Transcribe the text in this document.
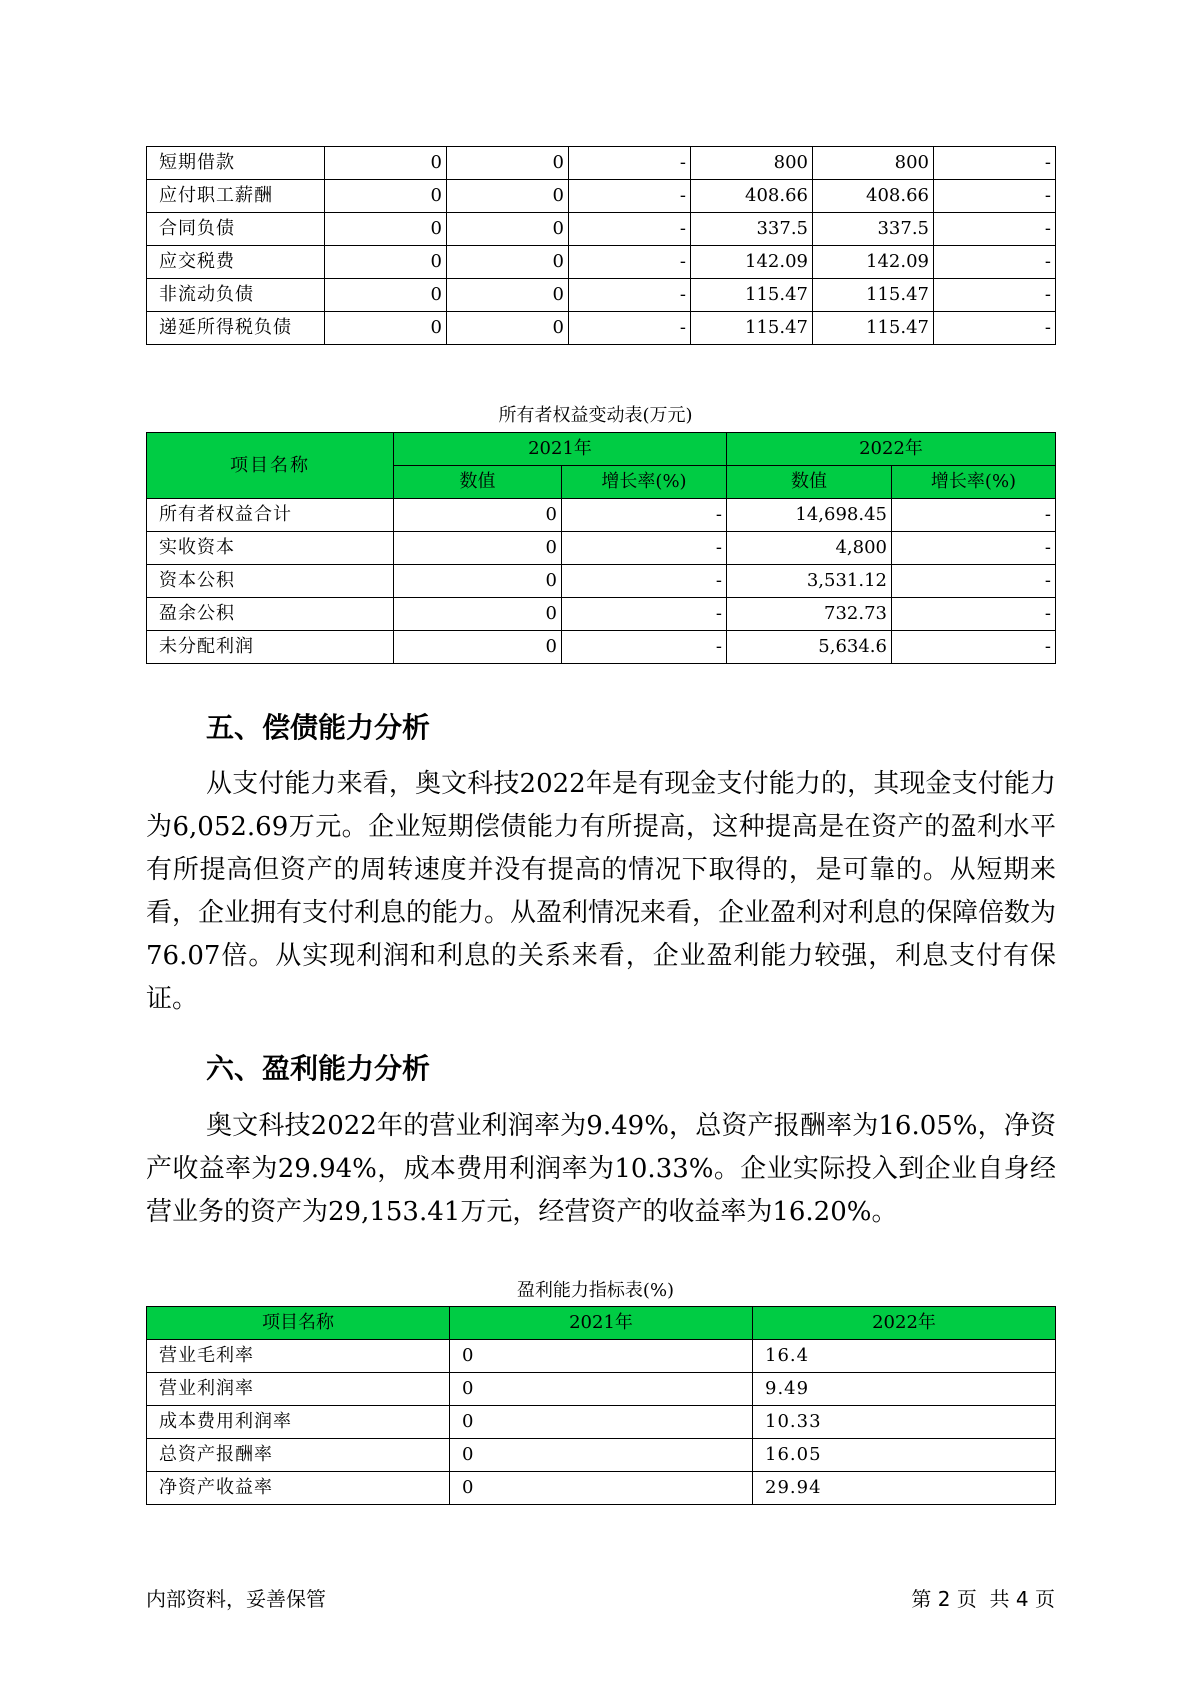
短期借款	0	0	-	800	800	-
应付职工薪酬	0	0	-	408.66	408.66	-
合同负债	0	0	-	337.5	337.5	-
应交税费	0	0	-	142.09	142.09	-
非流动负债	0	0	-	115.47	115.47	-
递延所得税负债	0	0	-	115.47	115.47	-
所有者权益变动表(万元)
项目名称	2021年		2022年	
	数值	增长率(%)	数值	增长率(%)
所有者权益合计	0	-	14,698.45	-
实收资本	0	-	4,800	-
资本公积	0	-	3,531.12	-
盈余公积	0	-	732.73	-
未分配利润	0	-	5,634.6	-
五、偿债能力分析

从支付能力来看，奥文科技2022年是有现金支付能力的，其现金支付能力为6,052.69万元。企业短期偿债能力有所提高，这种提高是在资产的盈利水平有所提高但资产的周转速度并没有提高的情况下取得的，是可靠的。从短期来看，企业拥有支付利息的能力。从盈利情况来看，企业盈利对利息的保障倍数为76.07倍。从实现利润和利息的关系来看，企业盈利能力较强，利息支付有保证。

六、盈利能力分析

奥文科技2022年的营业利润率为9.49%，总资产报酬率为16.05%，净资产收益率为29.94%，成本费用利润率为10.33%。企业实际投入到企业自身经营业务的资产为29,153.41万元，经营资产的收益率为16.20%。

盈利能力指标表(%)
项目名称	2021年	2022年
营业毛利率	0	16.4
营业利润率	0	9.49
成本费用利润率	0	10.33
总资产报酬率	0	16.05
净资产收益率	0	29.94
内部资料，妥善保管	第 2 页  共 4 页
